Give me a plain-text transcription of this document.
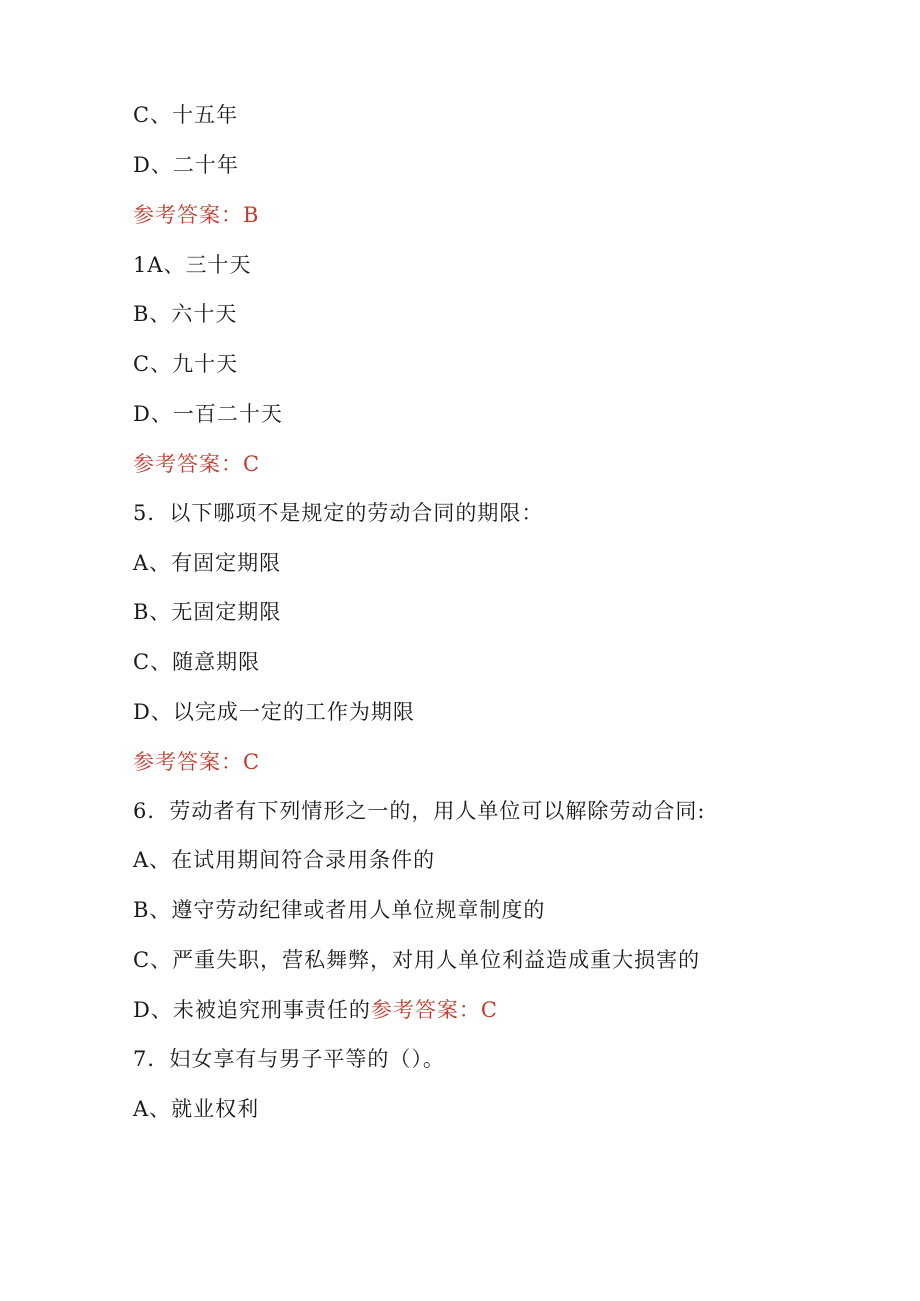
C、十五年
D、二十年
参考答案：B
1A、三十天
B、六十天
C、九十天
D、一百二十天
参考答案：C
5．以下哪项不是规定的劳动合同的期限：
A、有固定期限
B、无固定期限
C、随意期限
D、以完成一定的工作为期限
参考答案：C
6．劳动者有下列情形之一的，用人单位可以解除劳动合同:
A、在试用期间符合录用条件的
B、遵守劳动纪律或者用人单位规章制度的
C、严重失职，营私舞弊，对用人单位利益造成重大损害的
D、未被追究刑事责任的参考答案：C
7．妇女享有与男子平等的（）。
A、就业权利
